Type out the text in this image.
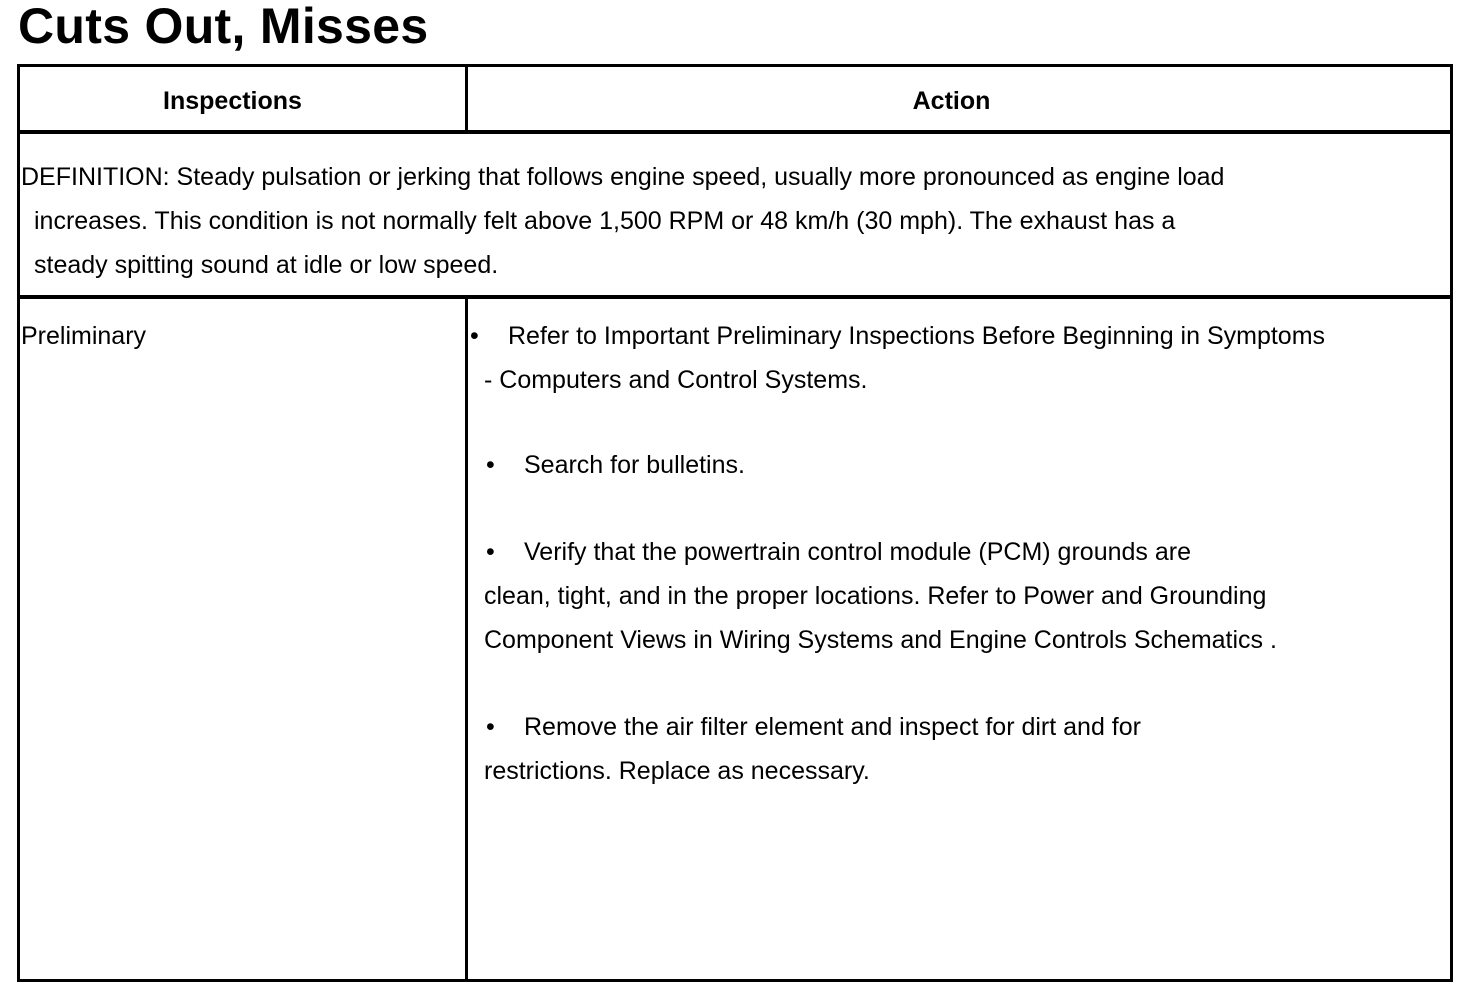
Cuts Out, Misses
Inspections	Action
DEFINITION: Steady pulsation or jerking that follows engine speed, usually more pronounced as engine load
increases. This condition is not normally felt above 1,500 RPM or 48 km/h (30 mph). The exhaust has a
steady spitting sound at idle or low speed.
Preliminary	• Refer to Important Preliminary Inspections Before Beginning in Symptoms
- Computers and Control Systems.
• Search for bulletins.
• Verify that the powertrain control module (PCM) grounds are
clean, tight, and in the proper locations. Refer to Power and Grounding
Component Views in Wiring Systems and Engine Controls Schematics .
• Remove the air filter element and inspect for dirt and for
restrictions. Replace as necessary.
